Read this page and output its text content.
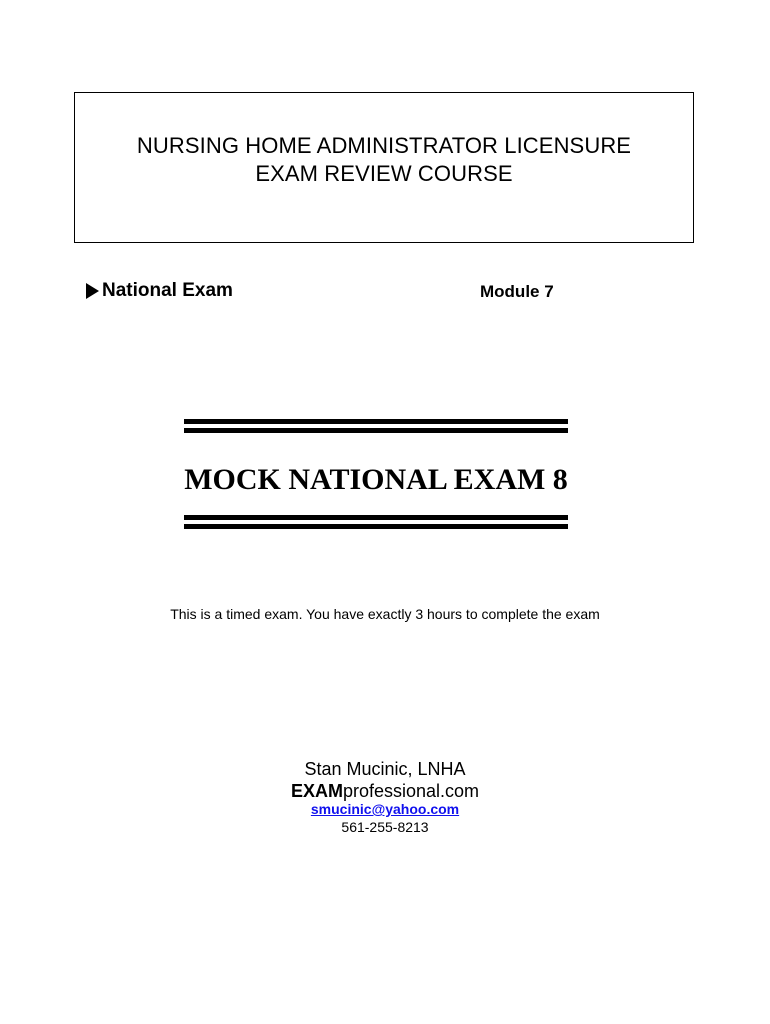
NURSING HOME ADMINISTRATOR LICENSURE
EXAM REVIEW COURSE
National Exam	Module 7
MOCK NATIONAL EXAM 8
This is a timed exam. You have exactly 3 hours to complete the exam
Stan Mucinic, LNHA
EXAMprofessional.com
smucinic@yahoo.com
561-255-8213
